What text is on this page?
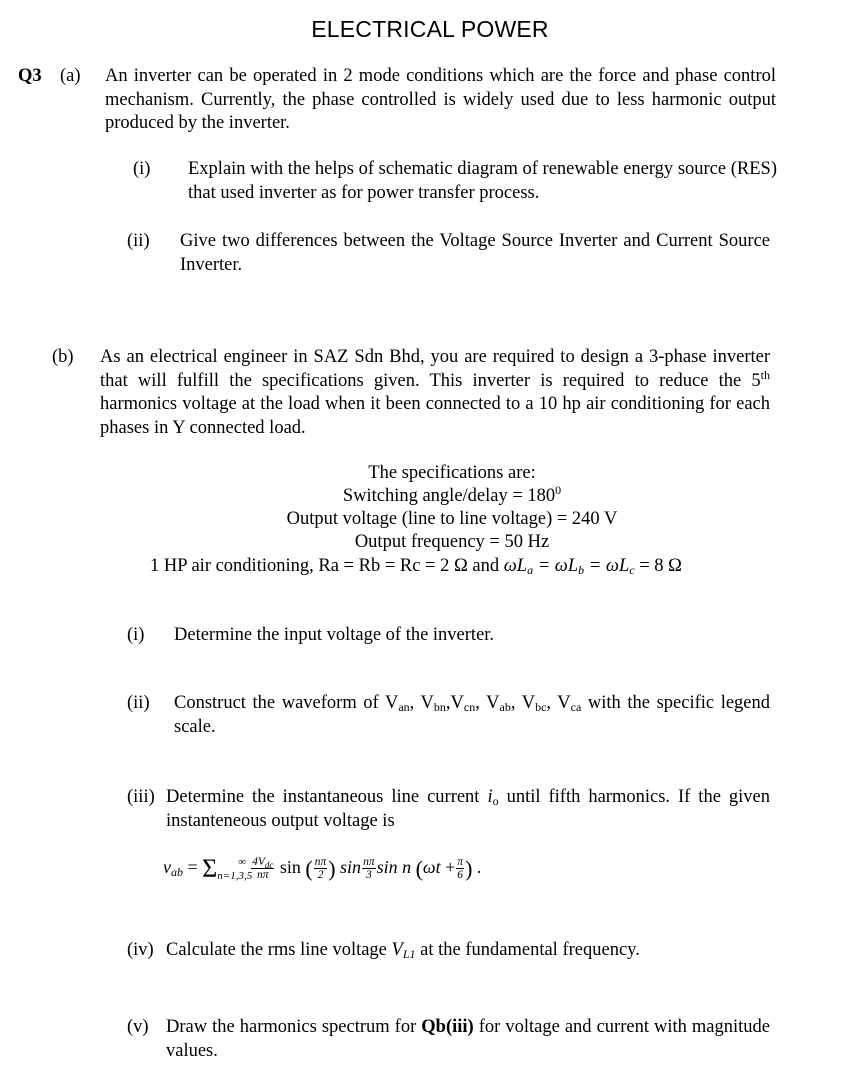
ELECTRICAL POWER
Q3 (a) An inverter can be operated in 2 mode conditions which are the force and phase control mechanism. Currently, the phase controlled is widely used due to less harmonic output produced by the inverter.
(i) Explain with the helps of schematic diagram of renewable energy source (RES) that used inverter as for power transfer process.
(ii) Give two differences between the Voltage Source Inverter and Current Source Inverter.
(b) As an electrical engineer in SAZ Sdn Bhd, you are required to design a 3-phase inverter that will fulfill the specifications given. This inverter is required to reduce the 5th harmonics voltage at the load when it been connected to a 10 hp air conditioning for each phases in Y connected load.
The specifications are:
Switching angle/delay = $180^0$
Output voltage (line to line voltage) = 240 V
Output frequency = 50 Hz
1 HP air conditioning, Ra = Rb = Rc = 2 Ω and $\omega L_a = \omega L_b = \omega L_c = 8$ Ω
(i) Determine the input voltage of the inverter.
(ii) Construct the waveform of $V_{an}$, $V_{bn},V_{cn}$, $V_{ab}$, $V_{bc}$, $V_{ca}$ with the specific legend scale.
(iii) Determine the instantaneous line current $i_o$ until fifth harmonics. If the given instanteneous output voltage is
$v_{ab} = \Sigma_{n=1,3,5}^\infty \frac{4V_{dc}}{n\pi}$ sin ( $\frac{n\pi}{2}$ ) $\sin \frac{n\pi}{3}$ sin n ($\omega t + \frac{\pi}{6}$ ) .
(iv) Calculate the rms line voltage $V_{L1}$ at the fundamental frequency.
(v) Draw the harmonics spectrum for Qb(iii) for voltage and current with magnitude values.
